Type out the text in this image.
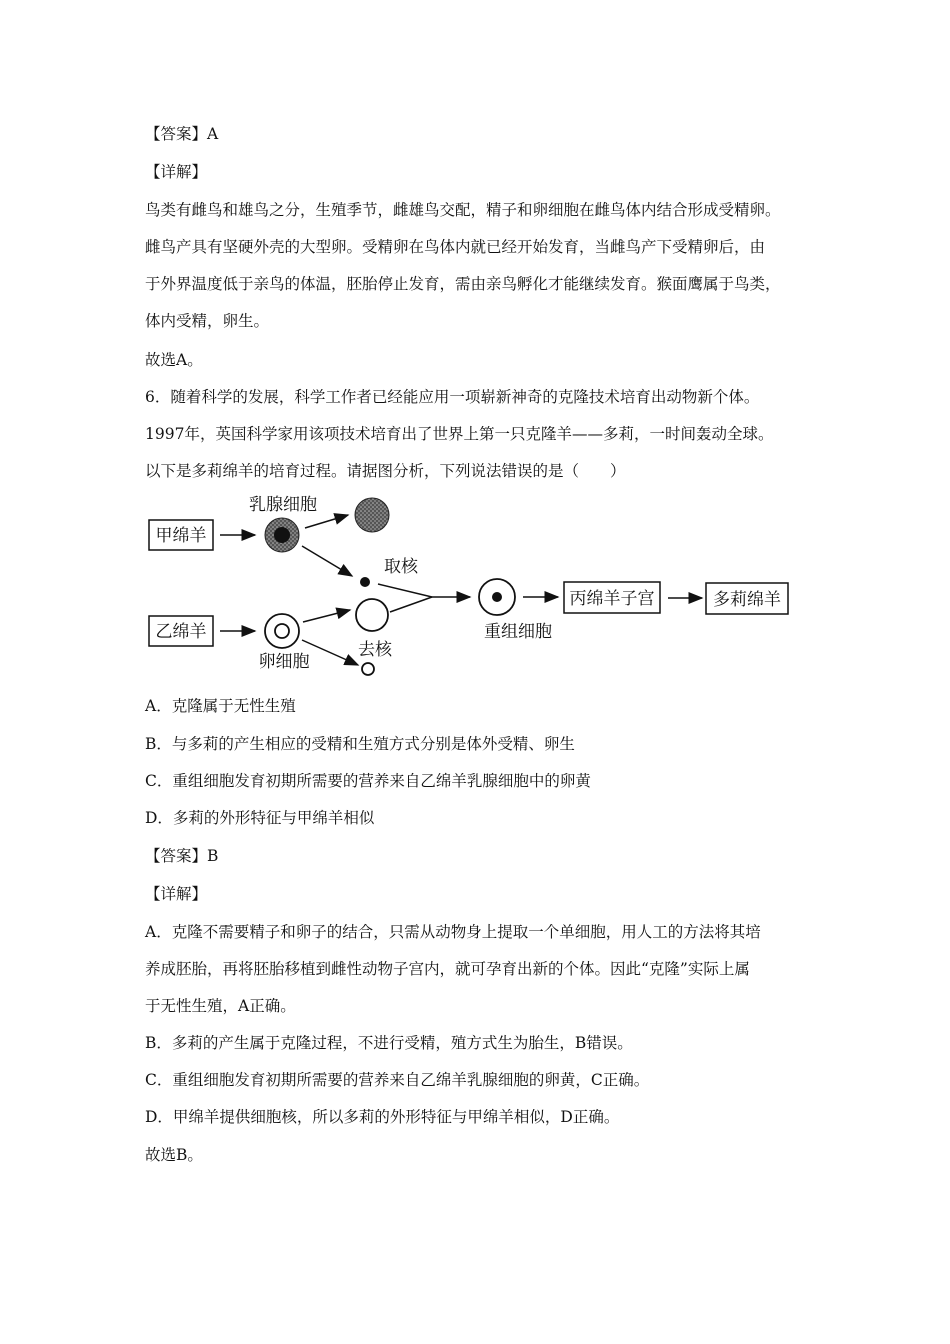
【答案】A
【详解】
鸟类有雌鸟和雄鸟之分，生殖季节，雌雄鸟交配，精子和卵细胞在雌鸟体内结合形成受精卵。
雌鸟产具有坚硬外壳的大型卵。受精卵在鸟体内就已经开始发育，当雌鸟产下受精卵后，由
于外界温度低于亲鸟的体温，胚胎停止发育，需由亲鸟孵化才能继续发育。猴面鹰属于鸟类，
体内受精，卵生。
故选A。
6．随着科学的发展，科学工作者已经能应用一项崭新神奇的克隆技术培育出动物新个体。
1997年，英国科学家用该项技术培育出了世界上第一只克隆羊——多莉，一时间轰动全球。
以下是多莉绵羊的培育过程。请据图分析，下列说法错误的是（　　）
甲绵羊
乳腺细胞
取核
乙绵羊
卵细胞
去核
重组细胞
丙绵羊子宫	多莉绵羊
A．克隆属于无性生殖
B．与多莉的产生相应的受精和生殖方式分别是体外受精、卵生
C．重组细胞发育初期所需要的营养来自乙绵羊乳腺细胞中的卵黄
D．多莉的外形特征与甲绵羊相似
【答案】B
【详解】
A．克隆不需要精子和卵子的结合，只需从动物身上提取一个单细胞，用人工的方法将其培
养成胚胎，再将胚胎移植到雌性动物子宫内，就可孕育出新的个体。因此“克隆”实际上属
于无性生殖，A正确。
B．多莉的产生属于克隆过程，不进行受精，殖方式生为胎生，B错误。
C．重组细胞发育初期所需要的营养来自乙绵羊乳腺细胞的卵黄，C正确。
D．甲绵羊提供细胞核，所以多莉的外形特征与甲绵羊相似，D正确。
故选B。
